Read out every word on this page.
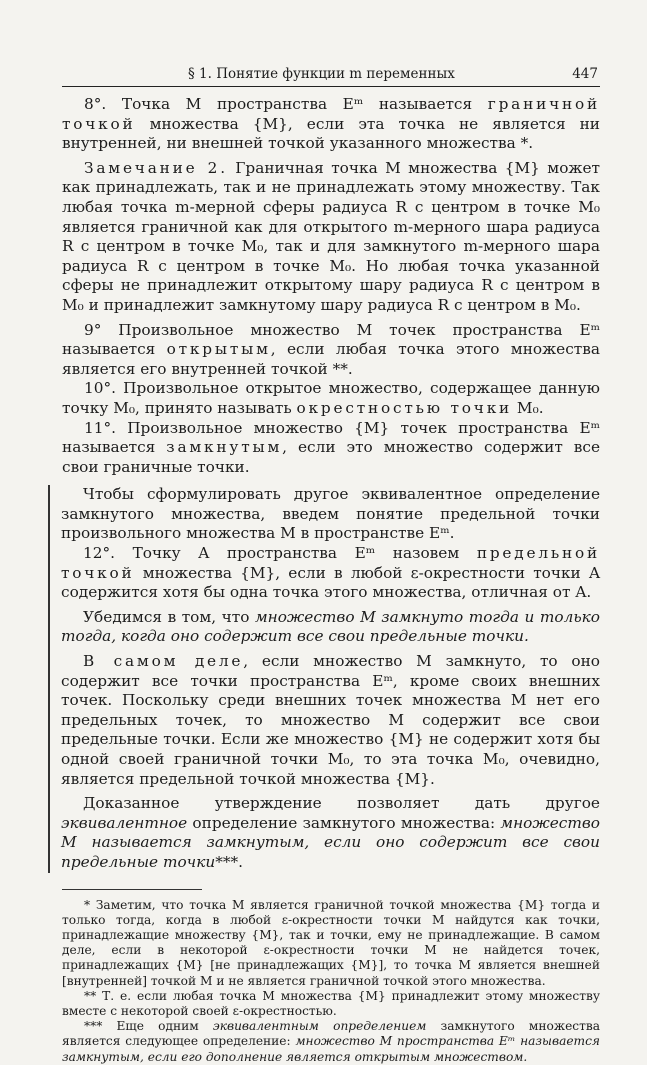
§ 1. Понятие функции m переменных	447

8°. Точка M пространства Eᵐ называется граничной точкой множества {M}, если эта точка не является ни внутренней, ни внешней точкой указанного множества *.

Замечание 2. Граничная точка M множества {M} может как принадлежать, так и не принадлежать этому множеству. Так любая точка m-мерной сферы радиуса R с центром в точке M₀ является граничной как для открытого m-мерного шара радиуса R с центром в точке M₀, так и для замкнутого m-мерного шара радиуса R с центром в точке M₀. Но любая точка указанной сферы не принадлежит открытому шару радиуса R с центром в M₀ и принадлежит замкнутому шару радиуса R с центром в M₀.

9° Произвольное множество M точек пространства Eᵐ называется открытым, если любая точка этого множества является его внутренней точкой **.

10°. Произвольное открытое множество, содержащее данную точку M₀, принято называть окрестностью точки M₀.

11°. Произвольное множество {M} точек пространства Eᵐ называется замкнутым, если это множество содержит все свои граничные точки.

Чтобы сформулировать другое эквивалентное определение замкнутого множества, введем понятие предельной точки произвольного множества M в пространстве Eᵐ.

12°. Точку A пространства Eᵐ назовем предельной точкой множества {M}, если в любой ε-окрестности точки A содержится хотя бы одна точка этого множества, отличная от A.

Убедимся в том, что множество M замкнуто тогда и только тогда, когда оно содержит все свои предельные точки.

В самом деле, если множество M замкнуто, то оно содержит все точки пространства Eᵐ, кроме своих внешних точек. Поскольку среди внешних точек множества M нет его предельных точек, то множество M содержит все свои предельные точки. Если же множество {M} не содержит хотя бы одной своей граничной точки M₀, то эта точка M₀, очевидно, является предельной точкой множества {M}.

Доказанное утверждение позволяет дать другое эквивалентное определение замкнутого множества: множество M называется замкнутым, если оно содержит все свои предельные точки***.

* Заметим, что точка M является граничной точкой множества {M} тогда и только тогда, когда в любой ε-окрестности точки M найдутся как точки, принадлежащие множеству {M}, так и точки, ему не принадлежащие. В самом деле, если в некоторой ε-окрестности точки M не найдется точек, принадлежащих {M} [не принадлежащих {M}], то точка M является внешней [внутренней] точкой M и не является граничной точкой этого множества.

** Т. е. если любая точка M множества {M} принадлежит этому множеству вместе с некоторой своей ε-окрестностью.

*** Еще одним эквивалентным определением замкнутого множества является следующее определение: множество M пространства Eᵐ называется замкнутым, если его дополнение является открытым множеством.
